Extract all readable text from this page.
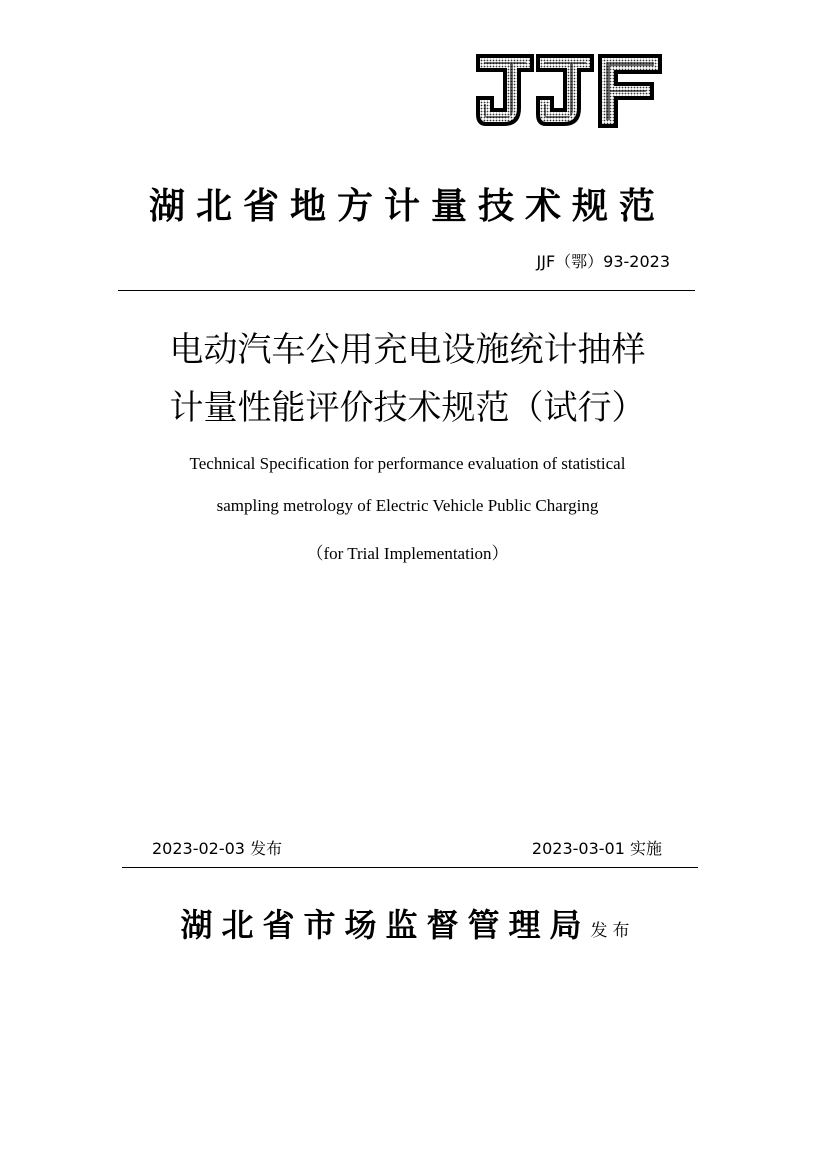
湖北省地方计量技术规范
JJF（鄂）93-2023
电动汽车公用充电设施统计抽样
计量性能评价技术规范（试行）
Technical Specification for performance evaluation of statistical
sampling metrology of Electric Vehicle Public Charging
（for Trial Implementation）
2023-02-03 发布	2023-03-01 实施
湖北省市场监督管理局发布
